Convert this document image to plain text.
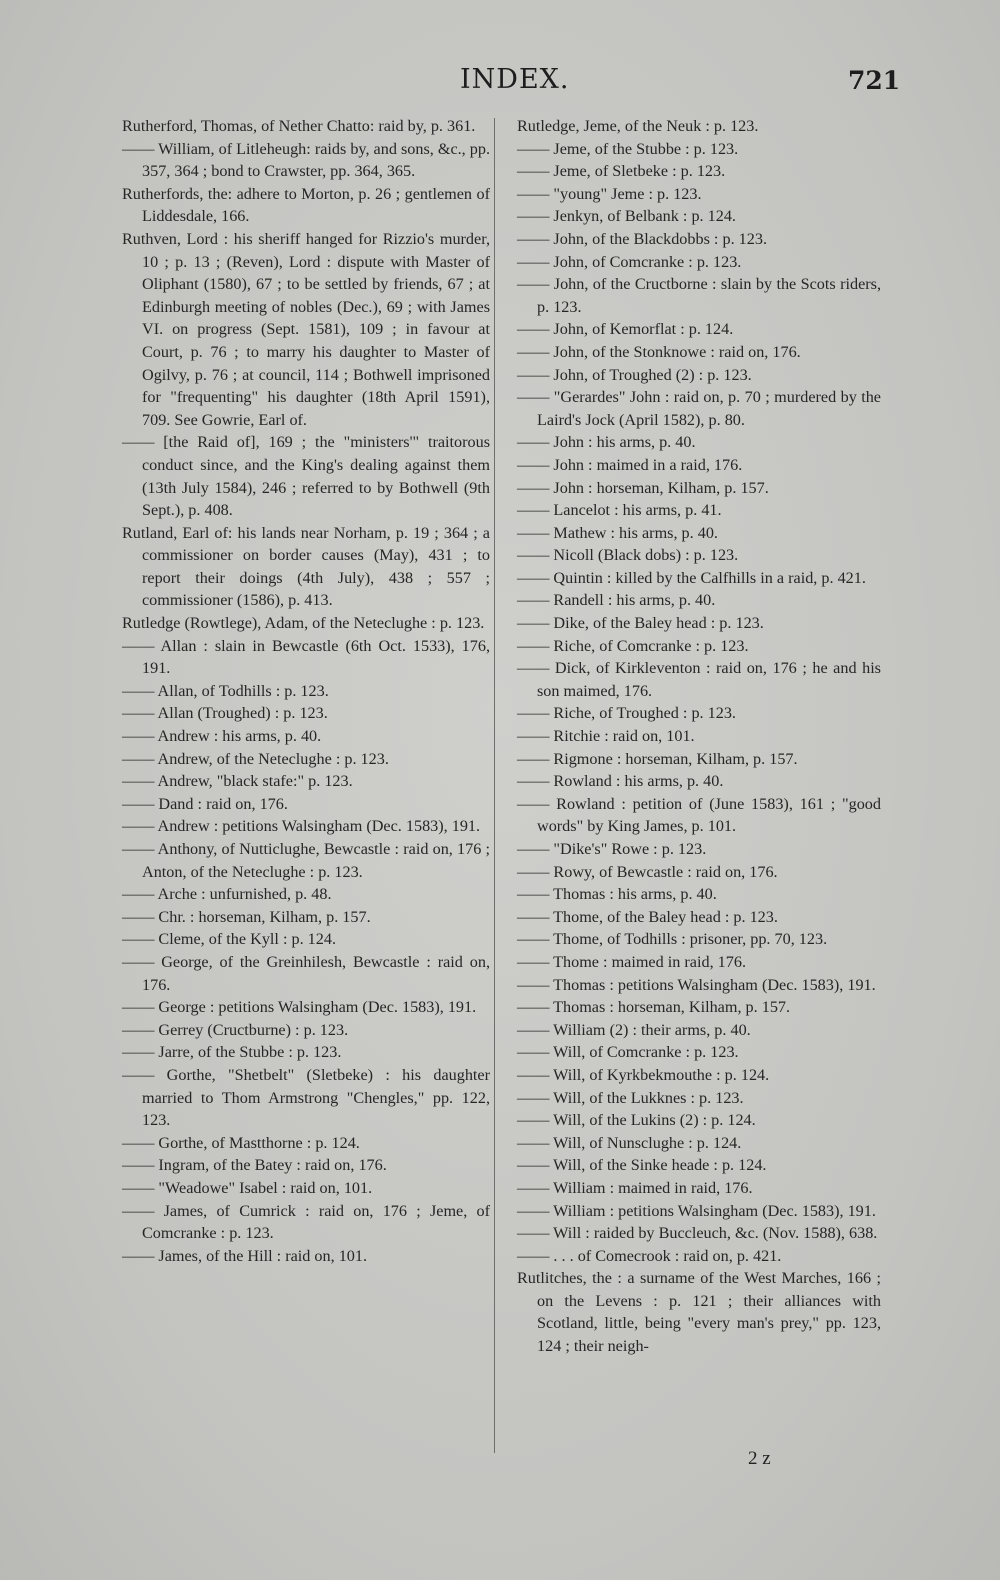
INDEX.	721

Rutherford, Thomas, of Nether Chatto: raid by, p. 361.

—— William, of Litleheugh: raids by, and sons, &c., pp. 357, 364 ; bond to Crawster, pp. 364, 365.

Rutherfords, the: adhere to Morton, p. 26 ; gentlemen of Liddesdale, 166.

Ruthven, Lord : his sheriff hanged for Rizzio's murder, 10 ; p. 13 ; (Reven), Lord : dispute with Master of Oliphant (1580), 67 ; to be settled by friends, 67 ; at Edinburgh meeting of nobles (Dec.), 69 ; with James VI. on progress (Sept. 1581), 109 ; in favour at Court, p. 76 ; to marry his daughter to Master of Ogilvy, p. 76 ; at council, 114 ; Bothwell imprisoned for "frequenting" his daughter (18th April 1591), 709. See Gowrie, Earl of.

—— [the Raid of], 169 ; the "ministers'" traitorous conduct since, and the King's dealing against them (13th July 1584), 246 ; referred to by Bothwell (9th Sept.), p. 408.

Rutland, Earl of: his lands near Norham, p. 19 ; 364 ; a commissioner on border causes (May), 431 ; to report their doings (4th July), 438 ; 557 ; commissioner (1586), p. 413.

Rutledge (Rowtlege), Adam, of the Neteclughe : p. 123.

—— Allan : slain in Bewcastle (6th Oct. 1533), 176, 191.

—— Allan, of Todhills : p. 123.

—— Allan (Troughed) : p. 123.

—— Andrew : his arms, p. 40.

—— Andrew, of the Neteclughe : p. 123.

—— Andrew, "black stafe:" p. 123.

—— Dand : raid on, 176.

—— Andrew : petitions Walsingham (Dec. 1583), 191.

—— Anthony, of Nutticlughe, Bewcastle : raid on, 176 ; Anton, of the Neteclughe : p. 123.

—— Arche : unfurnished, p. 48.

—— Chr. : horseman, Kilham, p. 157.

—— Cleme, of the Kyll : p. 124.

—— George, of the Greinhilesh, Bewcastle : raid on, 176.

—— George : petitions Walsingham (Dec. 1583), 191.

—— Gerrey (Cructburne) : p. 123.

—— Jarre, of the Stubbe : p. 123.

—— Gorthe, "Shetbelt" (Sletbeke) : his daughter married to Thom Armstrong "Chengles," pp. 122, 123.

—— Gorthe, of Mastthorne : p. 124.

—— Ingram, of the Batey : raid on, 176.

—— "Weadowe" Isabel : raid on, 101.

—— James, of Cumrick : raid on, 176 ; Jeme, of Comcranke : p. 123.

—— James, of the Hill : raid on, 101.

Rutledge, Jeme, of the Neuk : p. 123.

—— Jeme, of the Stubbe : p. 123.

—— Jeme, of Sletbeke : p. 123.

—— "young" Jeme : p. 123.

—— Jenkyn, of Belbank : p. 124.

—— John, of the Blackdobbs : p. 123.

—— John, of Comcranke : p. 123.

—— John, of the Cructborne : slain by the Scots riders, p. 123.

—— John, of Kemorflat : p. 124.

—— John, of the Stonknowe : raid on, 176.

—— John, of Troughed (2) : p. 123.

—— "Gerardes" John : raid on, p. 70 ; murdered by the Laird's Jock (April 1582), p. 80.

—— John : his arms, p. 40.

—— John : maimed in a raid, 176.

—— John : horseman, Kilham, p. 157.

—— Lancelot : his arms, p. 41.

—— Mathew : his arms, p. 40.

—— Nicoll (Black dobs) : p. 123.

—— Quintin : killed by the Calfhills in a raid, p. 421.

—— Randell : his arms, p. 40.

—— Dike, of the Baley head : p. 123.

—— Riche, of Comcranke : p. 123.

—— Dick, of Kirkleventon : raid on, 176 ; he and his son maimed, 176.

—— Riche, of Troughed : p. 123.

—— Ritchie : raid on, 101.

—— Rigmone : horseman, Kilham, p. 157.

—— Rowland : his arms, p. 40.

—— Rowland : petition of (June 1583), 161 ; "good words" by King James, p. 101.

—— "Dike's" Rowe : p. 123.

—— Rowy, of Bewcastle : raid on, 176.

—— Thomas : his arms, p. 40.

—— Thome, of the Baley head : p. 123.

—— Thome, of Todhills : prisoner, pp. 70, 123.

—— Thome : maimed in raid, 176.

—— Thomas : petitions Walsingham (Dec. 1583), 191.

—— Thomas : horseman, Kilham, p. 157.

—— William (2) : their arms, p. 40.

—— Will, of Comcranke : p. 123.

—— Will, of Kyrkbekmouthe : p. 124.

—— Will, of the Lukknes : p. 123.

—— Will, of the Lukins (2) : p. 124.

—— Will, of Nunsclughe : p. 124.

—— Will, of the Sinke heade : p. 124.

—— William : maimed in raid, 176.

—— William : petitions Walsingham (Dec. 1583), 191.

—— Will : raided by Buccleuch, &c. (Nov. 1588), 638.

—— . . . of Comecrook : raid on, p. 421.

Rutlitches, the : a surname of the West Marches, 166 ; on the Levens : p. 121 ; their alliances with Scotland, little, being "every man's prey," pp. 123, 124 ; their neigh-

2 z
